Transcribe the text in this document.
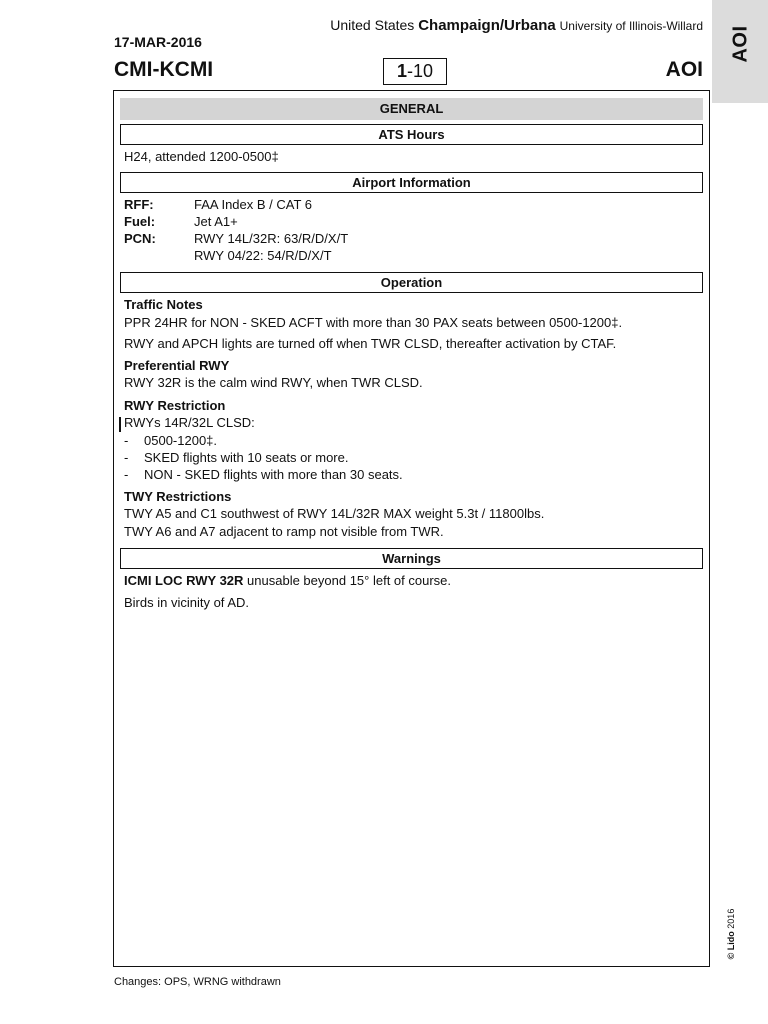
AOI
United States Champaign/Urbana University of Illinois-Willard
17-MAR-2016
CMI-KCMI	1-10	AOI
GENERAL
ATS Hours
H24, attended 1200-0500‡
Airport Information
RFF:	FAA Index B / CAT 6
Fuel:	Jet A1+
PCN:	RWY 14L/32R: 63/R/D/X/T
RWY 04/22: 54/R/D/X/T
Operation
Traffic Notes
PPR 24HR for NON - SKED ACFT with more than 30 PAX seats between 0500-1200‡.
RWY and APCH lights are turned off when TWR CLSD, thereafter activation by CTAF.
Preferential RWY
RWY 32R is the calm wind RWY, when TWR CLSD.
RWY Restriction
RWYs 14R/32L CLSD:
- 0500-1200‡.
- SKED flights with 10 seats or more.
- NON - SKED flights with more than 30 seats.
TWY Restrictions
TWY A5 and C1 southwest of RWY 14L/32R MAX weight 5.3t / 11800lbs.
TWY A6 and A7 adjacent to ramp not visible from TWR.
Warnings
ICMI LOC RWY 32R unusable beyond 15° left of course.
Birds in vicinity of AD.
© Lido 2016
Changes: OPS, WRNG withdrawn
